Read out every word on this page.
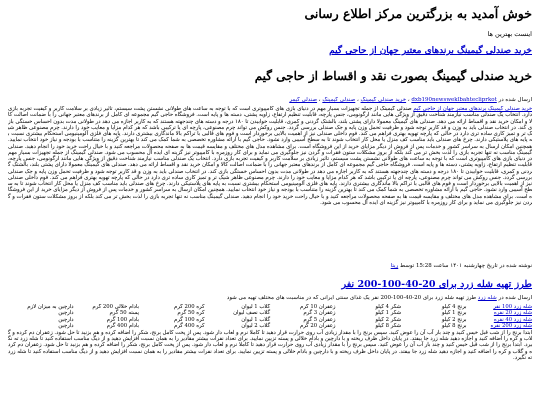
خوش آمدید به بزرگترین مرکز اطلاع رسانی

اینست بهترین ها

خرید صندلی گیمینگ برندهای معتبر جهان از حاجی گیم
خرید صندلی گیمینگ بصورت نقد و اقساط از حاجی گیم
ارسال شده در dxb190newsweklbahtecliprkot ، خرید صندلی گیمینگ ، صندلی گیمینگ ، صندلی گیمر
خرید صندلی گیمینگ برندهای معتبر جهان از حاجی گیم صندلی گیمینگ از جمله تجهیزات بسیار مهم در دنیای بازی های کامپیوتری است که با توجه به ساعت های طولانی نشستن پشت سیستم، تاثیر زیادی بر سلامت کاربر و کیفیت تجربه بازی دارد. انتخاب یک صندلی مناسب نیازمند شناخت دقیق از ویژگی هایی مانند ارگونومی، جنس پارچه، قابلیت تنظیم ارتفاع، زاویه پشتی، دسته ها و پایه است. فروشگاه حاجی گیم مجموعه ای کامل از برندهای معتبر جهانی را با ضمانت اصالت کالا و امکان خرید نقد و اقساط ارائه می دهد. صندلی های گیمینگ معمولا دارای پشتی بلند، بالشتک گردنی و کمری، قابلیت خوابیدن تا ۱۸۰ درجه و دسته های چندجهته هستند که به کاربر اجازه می دهد در طولانی مدت بدون احساس خستگی بازی کند. در انتخاب صندلی باید به وزن و قد کاربر توجه شود و ظرفیت تحمل وزن پایه و جک صندلی بررسی گردد. جنس روکش می تواند چرم مصنوعی، پارچه ای یا ترکیبی باشد که هر کدام مزایا و معایب خود را دارند. چرم مصنوعی ظاهر شیک تر و تمیز کاری ساده تری دارد در حالی که پارچه تهویه بهتری فراهم می کند. فوم داخلی صندلی نیز از اهمیت بالایی برخوردار است و فوم های قالبی با تراکم بالا ماندگاری بیشتری دارند. پایه های فلزی آلومینیومی استحکام بیشتری نسبت به پایه های پلاستیکی دارند. چرخ های صندلی باید مناسب کف منزل یا محل کار انتخاب شوند تا به سطح آسیبی وارد نشود. حاجی گیم با ارائه مشاوره تخصصی به شما کمک می کند تا بهترین گزینه را متناسب با بودجه و نیاز خود انتخاب نمایید. همچنین امکان ارسال به سراسر کشور و خدمات پس از فروش از دیگر مزایای خرید از این فروشگاه است. برای مشاهده مدل های مختلف و مقایسه قیمت ها به صفحه محصولات مراجعه کنید و با خیال راحت خرید خود را انجام دهید. صندلی گیمینگ مناسب نه تنها تجربه بازی را لذت بخش تر می کند بلکه از بروز مشکلات ستون فقرات و گردن نیز جلوگیری می نماید و برای کار روزمره با کامپیوتر نیز گزینه ای ایده آل محسوب می شود. صندلی گیمینگ از جمله تجهیزات بسیار مهم در دنیای بازی های کامپیوتری است که با توجه به ساعت های طولانی نشستن پشت سیستم، تاثیر زیادی بر سلامت کاربر و کیفیت تجربه بازی دارد. انتخاب یک صندلی مناسب نیازمند شناخت دقیق از ویژگی هایی مانند ارگونومی، جنس پارچه، قابلیت تنظیم ارتفاع، زاویه پشتی، دسته ها و پایه است. فروشگاه حاجی گیم مجموعه ای کامل از برندهای معتبر جهانی را با ضمانت اصالت کالا و امکان خرید نقد و اقساط ارائه می دهد. صندلی های گیمینگ معمولا دارای پشتی بلند، بالشتک گردنی و کمری، قابلیت خوابیدن تا ۱۸۰ درجه و دسته های چندجهته هستند که به کاربر اجازه می دهد در طولانی مدت بدون احساس خستگی بازی کند. در انتخاب صندلی باید به وزن و قد کاربر توجه شود و ظرفیت تحمل وزن پایه و جک صندلی بررسی گردد. جنس روکش می تواند چرم مصنوعی، پارچه ای یا ترکیبی باشد که هر کدام مزایا و معایب خود را دارند. چرم مصنوعی ظاهر شیک تر و تمیز کاری ساده تری دارد در حالی که پارچه تهویه بهتری فراهم می کند. فوم داخلی صندلی نیز از اهمیت بالایی برخوردار است و فوم های قالبی با تراکم بالا ماندگاری بیشتری دارند. پایه های فلزی آلومینیومی استحکام بیشتری نسبت به پایه های پلاستیکی دارند. چرخ های صندلی باید مناسب کف منزل یا محل کار انتخاب شوند تا به سطح آسیبی وارد نشود. حاجی گیم با ارائه مشاوره تخصصی به شما کمک می کند تا بهترین گزینه را متناسب با بودجه و نیاز خود انتخاب نمایید. همچنین امکان ارسال به سراسر کشور و خدمات پس از فروش از دیگر مزایای خرید از این فروشگاه است. برای مشاهده مدل های مختلف و مقایسه قیمت ها به صفحه محصولات مراجعه کنید و با خیال راحت خرید خود را انجام دهید. صندلی گیمینگ مناسب نه تنها تجربه بازی را لذت بخش تر می کند بلکه از بروز مشکلات ستون فقرات و گردن نیز جلوگیری می نماید و برای کار روزمره با کامپیوتر نیز گزینه ای ایده آل محسوب می شود.
نوشته شده در تاریخ چهارشنبه ۱۴۰۱ ساعت 15:28 توسط ریتا
طرز تهیه شله زرد برای 20-40-100-200 نفر
ارسال شده در شله زرد طرز تهیه شله زرد برای 20-40-100-200 نفر یک غذای سنتی ایرانی که در مناسبت های مختلف تهیه می شود
شله زرد 100 نفر
برنج 4 کیلو
شکر 4 کیلو
زعفران 10 گرم
گلاب 1 لیوان
کره 200 گرم
بادام خلالی 200 گرم
دارچین به میزان لازم
شله زرد 20 نفره
برنج 1 کیلو
شکر 1 کیلو
زعفران 3 گرم
گلاب نصف لیوان
کره 50 گرم
پسته 50 گرم
دارچین
شله زرد 40 نفره
برنج 2 کیلو
شکر 2 کیلو
زعفران 5 گرم
گلاب 1 لیوان
کره 100 گرم
بادام 100 گرم
دارچین
شله زرد 200 نفره
برنج 8 کیلو
شکر 8 کیلو
زعفران 20 گرم
گلاب 2 لیوان
کره 400 گرم
بادام 400 گرم
دارچین
ابتدا برنج را از شب قبل خیس کنید و چند بار آب آن را عوض کنید. سپس برنج را با مقدار زیادی آب روی حرارت قرار دهید تا کاملا نرم و لعاب دار شود. پس از پخت کامل برنج، شکر را اضافه کرده و هم بزنید تا حل شود. زعفران دم کرده و گلاب و کره را اضافه کنید و اجازه دهید شله زرد جا بیفتد. در پایان داخل ظرف ریخته و با دارچین و بادام خلالی و پسته تزیین نمایید. برای تعداد نفرات بیشتر مقادیر را به همان نسبت افزایش دهید و از دیگ مناسب استفاده کنید تا شله زرد ته نگیرد. ابتدا برنج را از شب قبل خیس کنید و چند بار آب آن را عوض کنید. سپس برنج را با مقدار زیادی آب روی حرارت قرار دهید تا کاملا نرم و لعاب دار شود. پس از پخت کامل برنج، شکر را اضافه کرده و هم بزنید تا حل شود. زعفران دم کرده و گلاب و کره را اضافه کنید و اجازه دهید شله زرد جا بیفتد. در پایان داخل ظرف ریخته و با دارچین و بادام خلالی و پسته تزیین نمایید. برای تعداد نفرات بیشتر مقادیر را به همان نسبت افزایش دهید و از دیگ مناسب استفاده کنید تا شله زرد ته نگیرد.
